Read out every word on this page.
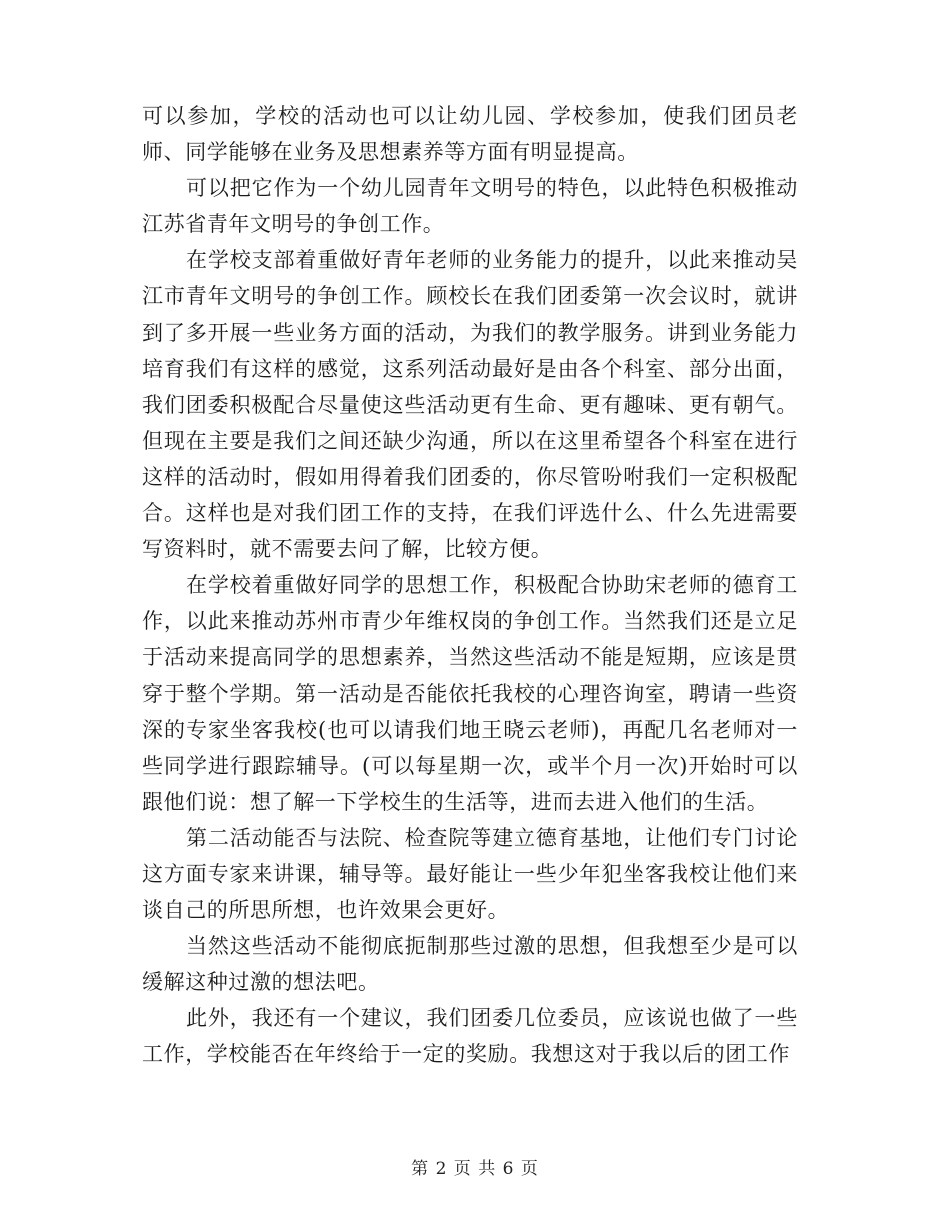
可以参加，学校的活动也可以让幼儿园、学校参加，使我们团员老师、同学能够在业务及思想素养等方面有明显提高。

可以把它作为一个幼儿园青年文明号的特色，以此特色积极推动江苏省青年文明号的争创工作。

在学校支部着重做好青年老师的业务能力的提升，以此来推动吴江市青年文明号的争创工作。顾校长在我们团委第一次会议时，就讲到了多开展一些业务方面的活动，为我们的教学服务。讲到业务能力培育我们有这样的感觉，这系列活动最好是由各个科室、部分出面，我们团委积极配合尽量使这些活动更有生命、更有趣味、更有朝气。但现在主要是我们之间还缺少沟通，所以在这里希望各个科室在进行这样的活动时，假如用得着我们团委的，你尽管吩咐我们一定积极配合。这样也是对我们团工作的支持，在我们评选什么、什么先进需要写资料时，就不需要去问了解，比较方便。

在学校着重做好同学的思想工作，积极配合协助宋老师的德育工作，以此来推动苏州市青少年维权岗的争创工作。当然我们还是立足于活动来提高同学的思想素养，当然这些活动不能是短期，应该是贯穿于整个学期。第一活动是否能依托我校的心理咨询室，聘请一些资深的专家坐客我校(也可以请我们地王晓云老师)，再配几名老师对一些同学进行跟踪辅导。(可以每星期一次，或半个月一次)开始时可以跟他们说：想了解一下学校生的生活等，进而去进入他们的生活。

第二活动能否与法院、检查院等建立德育基地，让他们专门讨论这方面专家来讲课，辅导等。最好能让一些少年犯坐客我校让他们来谈自己的所思所想，也许效果会更好。

当然这些活动不能彻底扼制那些过激的思想，但我想至少是可以缓解这种过激的想法吧。

此外，我还有一个建议，我们团委几位委员，应该说也做了一些工作，学校能否在年终给于一定的奖励。我想这对于我以后的团工作

第 2 页 共 6 页
